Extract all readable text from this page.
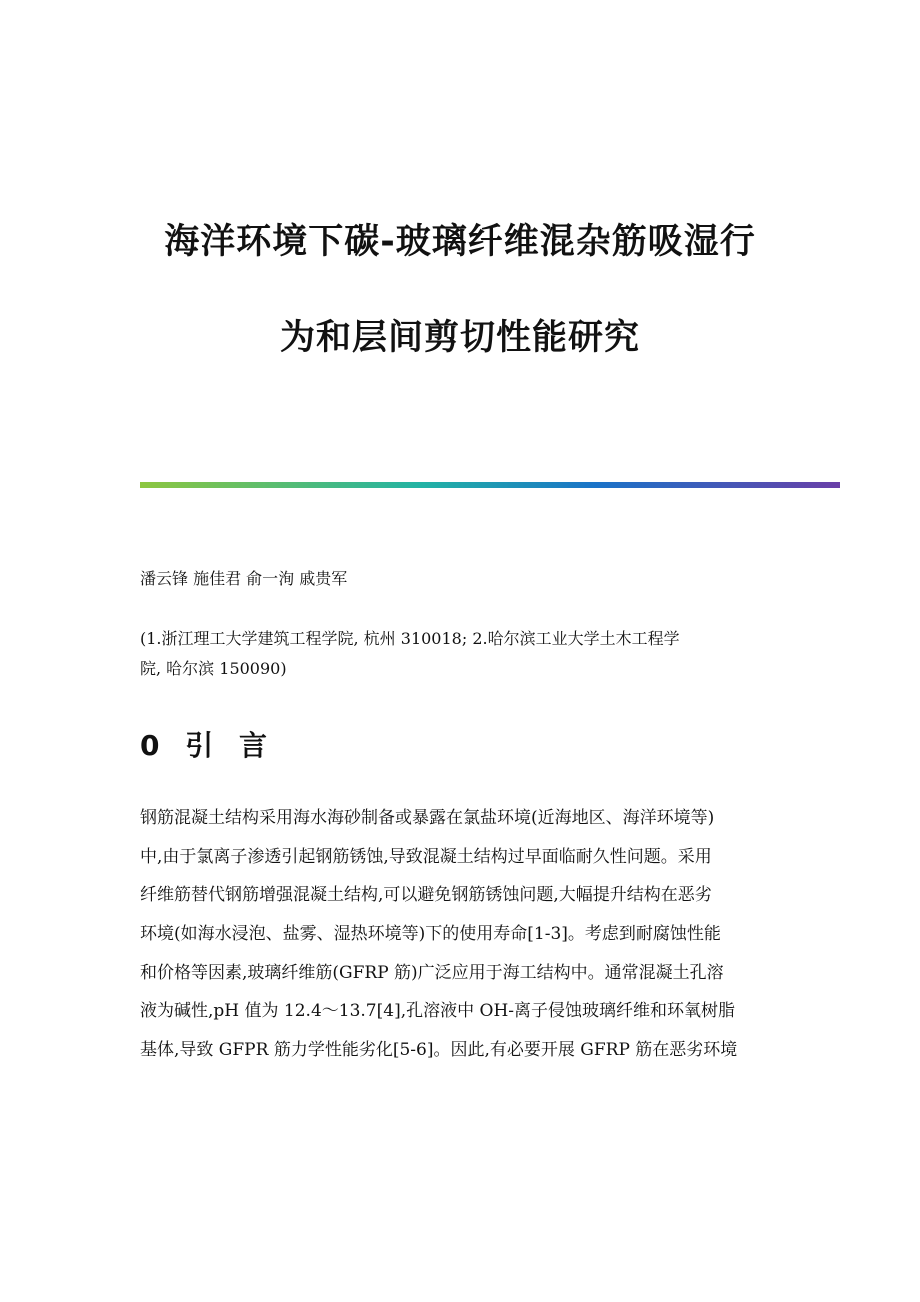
海洋环境下碳-玻璃纤维混杂筋吸湿行
为和层间剪切性能研究
潘云锋 施佳君 俞一洵 戚贵军
(1.浙江理工大学建筑工程学院, 杭州 310018; 2.哈尔滨工业大学土木工程学
院, 哈尔滨 150090)
0 引 言
钢筋混凝土结构采用海水海砂制备或暴露在氯盐环境(近海地区、海洋环境等)
中,由于氯离子渗透引起钢筋锈蚀,导致混凝土结构过早面临耐久性问题。采用
纤维筋替代钢筋增强混凝土结构,可以避免钢筋锈蚀问题,大幅提升结构在恶劣
环境(如海水浸泡、盐雾、湿热环境等)下的使用寿命[1-3]。考虑到耐腐蚀性能
和价格等因素,玻璃纤维筋(GFRP 筋)广泛应用于海工结构中。通常混凝土孔溶
液为碱性,pH 值为 12.4～13.7[4],孔溶液中 OH-离子侵蚀玻璃纤维和环氧树脂
基体,导致 GFPR 筋力学性能劣化[5-6]。因此,有必要开展 GFRP 筋在恶劣环境
